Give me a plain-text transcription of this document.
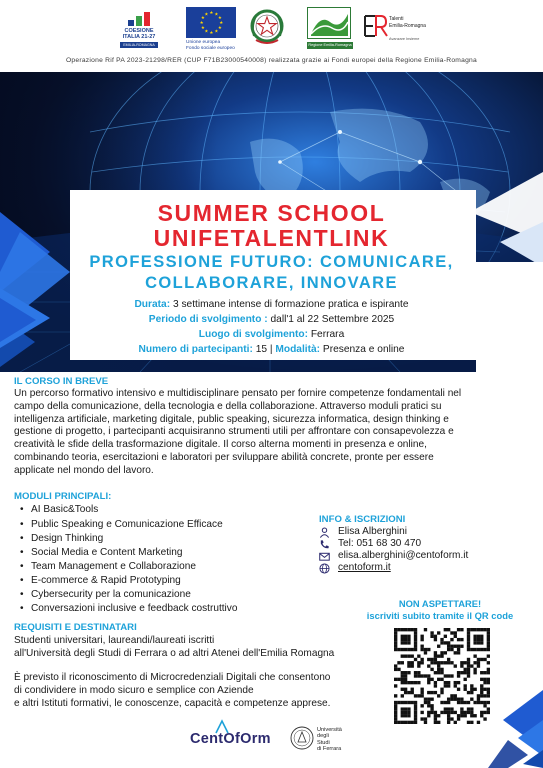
COESIONE
ITALIA 21-27
EMILIA-ROMAGNA
★ ★
★
★
★
★
★
★
★
★
★
★
Unione europea
Fondo sociale europeo
Regione Emilia-Romagna
Talenti
Emilia-Romagna
Avanzare Insieme
Operazione Rif PA 2023-21298/RER (CUP F71B23000540008) realizzata grazie ai Fondi europei della Regione Emilia-Romagna
SUMMER SCHOOL
UNIFETALENTLINK
PROFESSIONE FUTURO: COMUNICARE,
COLLABORARE, INNOVARE
Durata: 3 settimane intense di formazione pratica e ispirante
Periodo di svolgimento : dall'1 al 22 Settembre 2025
Luogo di svolgimento: Ferrara
Numero di partecipanti: 15 | Modalità: Presenza e online
IL CORSO IN BREVE
Un percorso formativo intensivo e multidisciplinare pensato per fornire competenze fondamentali nel
campo della comunicazione, della tecnologia e della collaborazione. Attraverso moduli pratici su
intelligenza artificiale, marketing digitale, public speaking, sicurezza informatica, design thinking e
gestione di progetto, i partecipanti acquisiranno strumenti utili per affrontare con consapevolezza e
creatività le sfide della trasformazione digitale. Il corso alterna momenti in presenza e online,
combinando teoria, esercitazioni e laboratori per sviluppare abilità concrete, pronte per essere
applicate nel mondo del lavoro.
MODULI PRINCIPALI:
• AI Basic&Tools
• Public Speaking e Comunicazione Efficace
• Design Thinking
• Social Media e Content Marketing
• Team Management e Collaborazione
• E-commerce & Rapid Prototyping
• Cybersecurity per la comunicazione
• Conversazioni inclusive e feedback costruttivo
REQUISITI E DESTINATARI
Studenti universitari, laureandi/laureati iscritti
all'Università degli Studi di Ferrara o ad altri Atenei dell'Emilia Romagna
È previsto il riconoscimento di Microcredenziali Digitali che consentono
di condividere in modo sicuro e semplice con Aziende
e altri Istituti formativi, le conoscenze, capacità e competenze apprese.
INFO & ISCRIZIONI
Elisa Alberghini
Tel: 051 68 30 470
elisa.alberghini@centoform.it
centoform.it
NON ASPETTARE!
iscriviti subito tramite il QR code
CentOfOrm
Università
degli
Studi
di Ferrara
